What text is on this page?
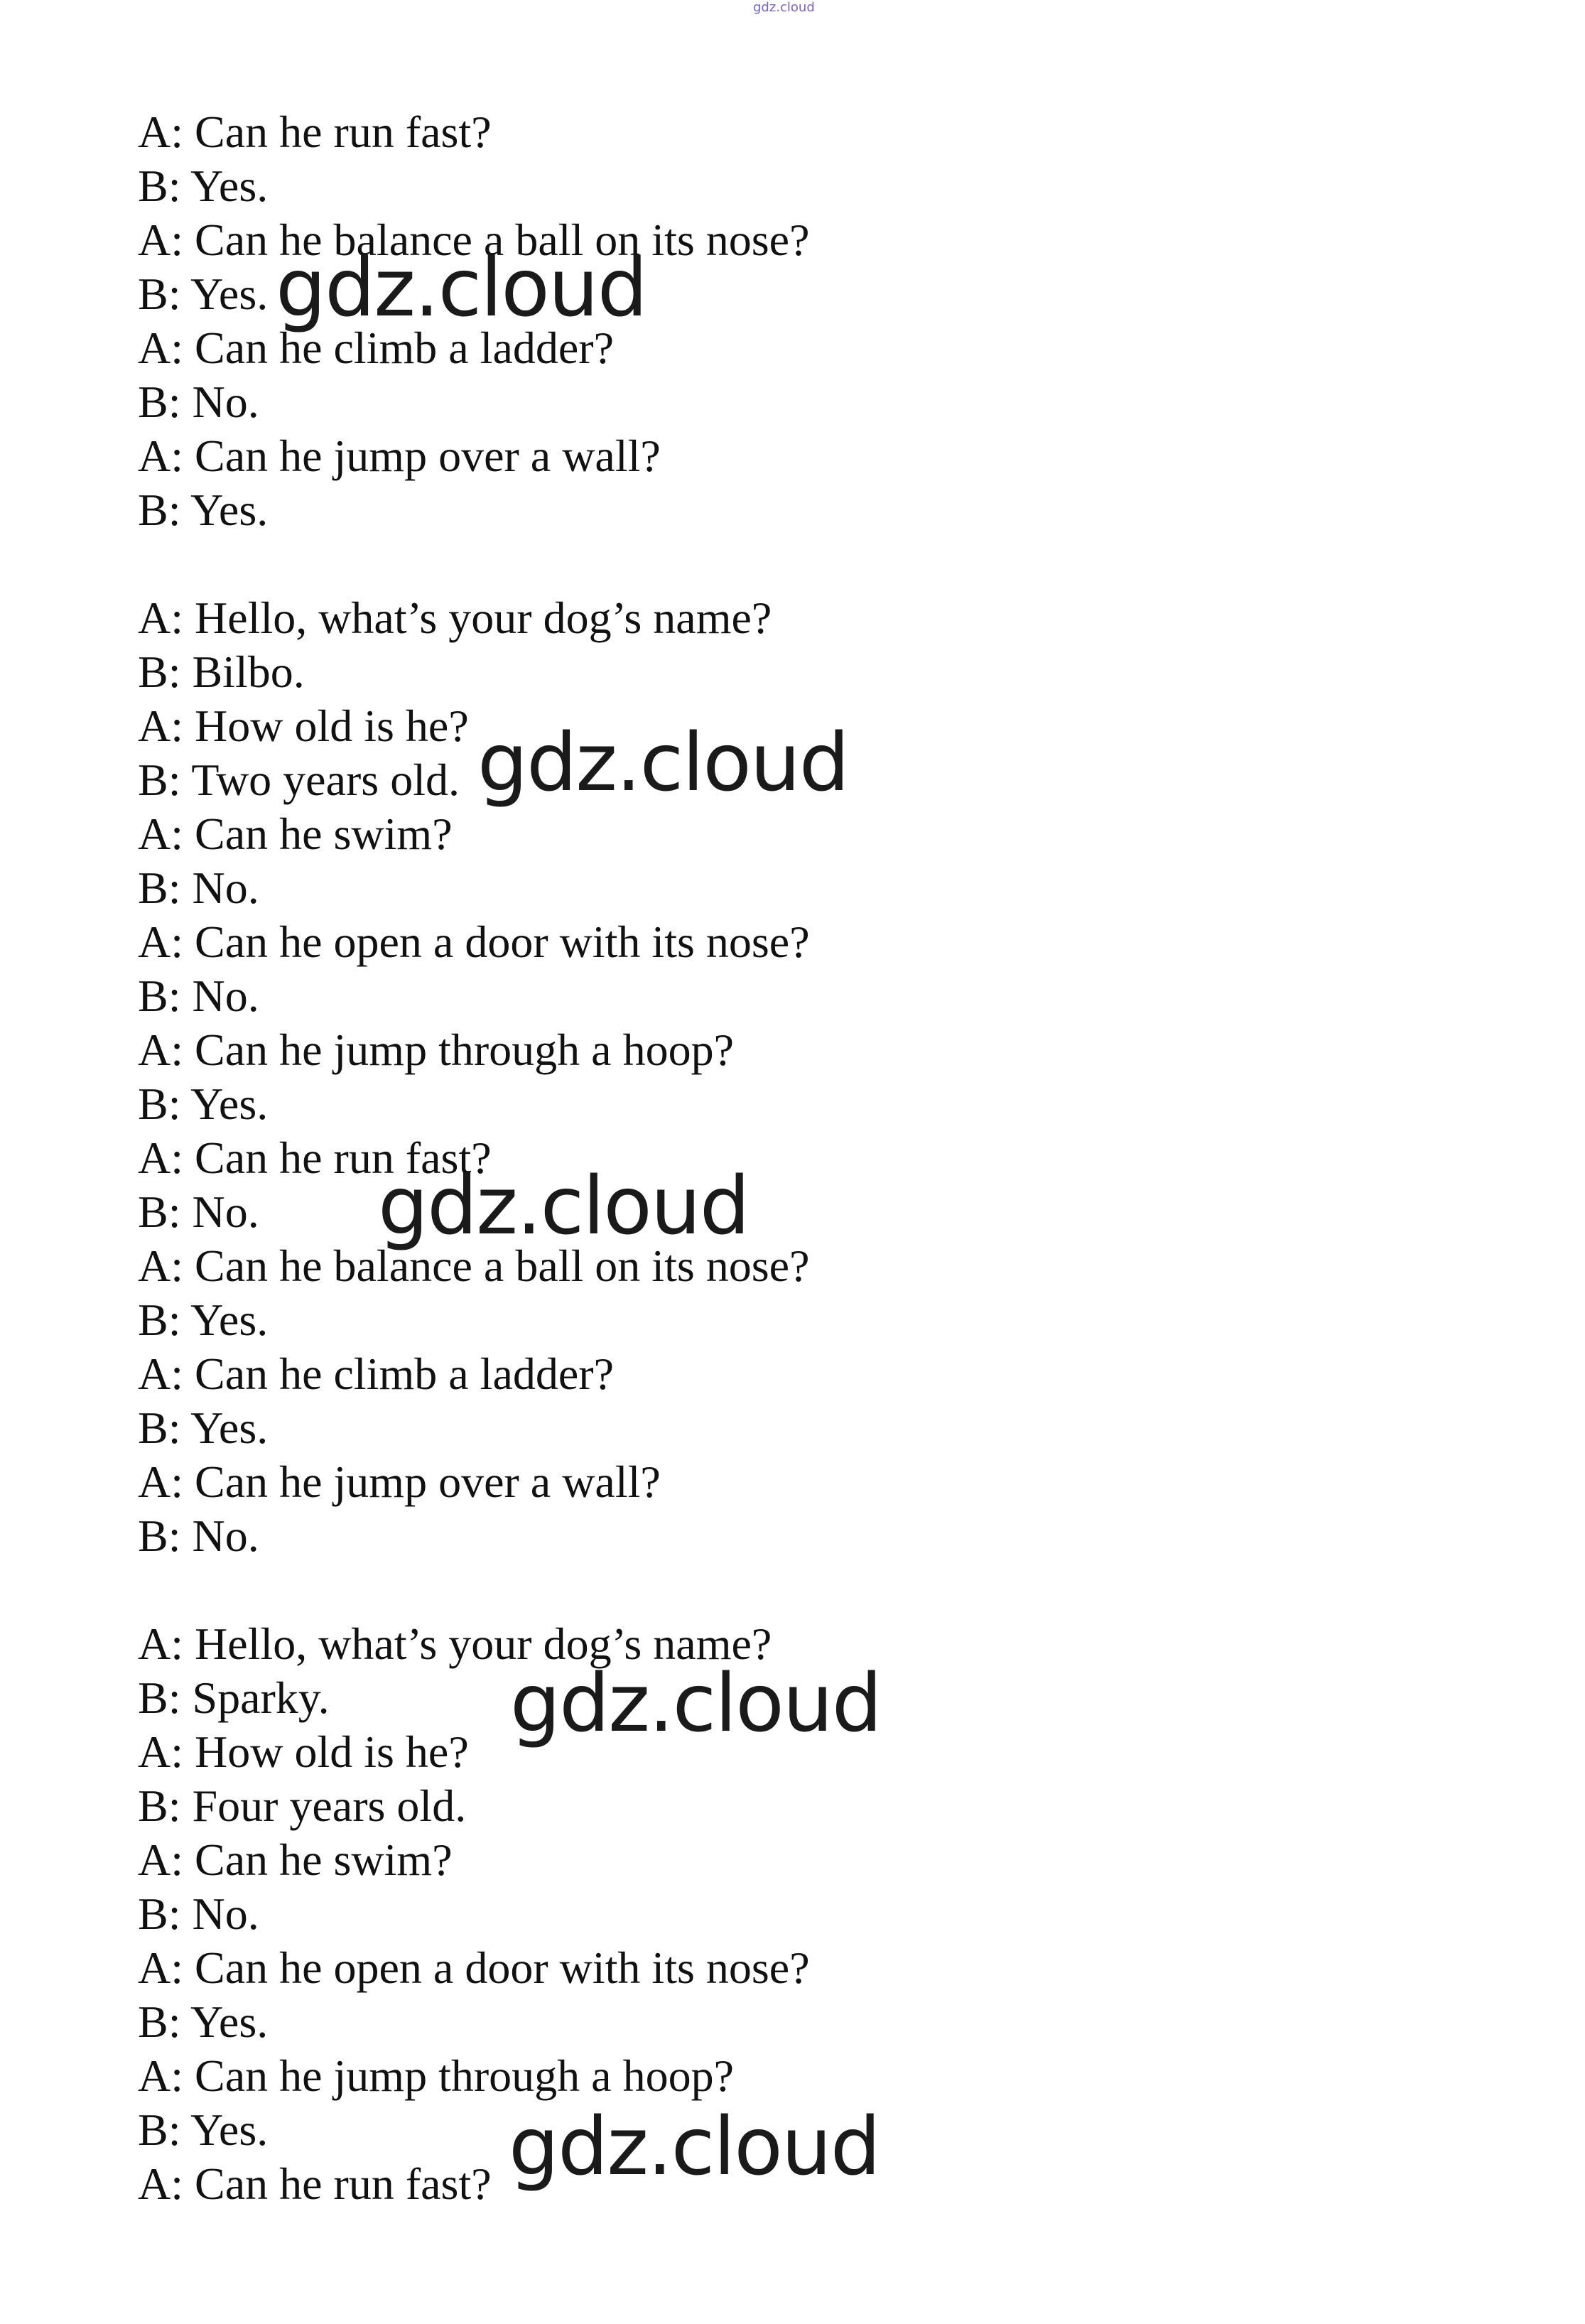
gdz.cloud
A: Can he run fast?
B: Yes.
A: Can he balance a ball on its nose?
B: Yes.
A: Can he climb a ladder?
B: No.
A: Can he jump over a wall?
B: Yes.
A: Hello, what’s your dog’s name?
B: Bilbo.
A: How old is he?
B: Two years old.
A: Can he swim?
B: No.
A: Can he open a door with its nose?
B: No.
A: Can he jump through a hoop?
B: Yes.
A: Can he run fast?
B: No.
A: Can he balance a ball on its nose?
B: Yes.
A: Can he climb a ladder?
B: Yes.
A: Can he jump over a wall?
B: No.
A: Hello, what’s your dog’s name?
B: Sparky.
A: How old is he?
B: Four years old.
A: Can he swim?
B: No.
A: Can he open a door with its nose?
B: Yes.
A: Can he jump through a hoop?
B: Yes.
A: Can he run fast?
gdz.cloud
gdz.cloud
gdz.cloud
gdz.cloud
gdz.cloud
